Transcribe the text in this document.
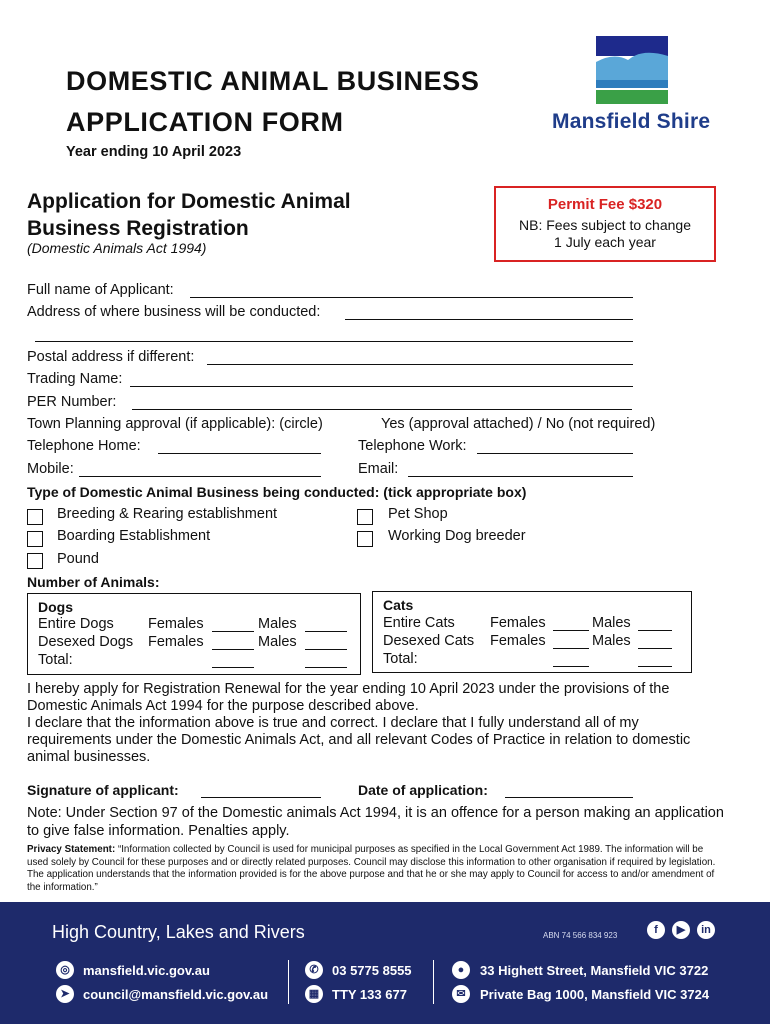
DOMESTIC ANIMAL BUSINESS
APPLICATION FORM
Year ending 10 April 2023
Mansfield Shire
Application for Domestic Animal Business Registration
(Domestic Animals Act 1994)
Permit Fee $320
NB: Fees subject to change
1 July each year
Full name of Applicant:
Address of where business will be conducted:
Postal address if different:
Trading Name:
PER Number:
Town Planning approval (if applicable): (circle)	Yes (approval attached) / No (not required)
Telephone Home:	Telephone Work:
Mobile:	Email:
Type of Domestic Animal Business being conducted: (tick appropriate box)
Breeding & Rearing establishment
Boarding Establishment
Pound
Pet Shop
Working Dog breeder
Number of Animals:
Dogs
Entire Dogs Females	Males
Desexed Dogs Females	Males
Total:
Cats
Entire Cats Females	Males
Desexed Cats Females	Males
Total:
I hereby apply for Registration Renewal for the year ending 10 April 2023 under the provisions of the Domestic Animals Act 1994 for the purpose described above.
I declare that the information above is true and correct. I declare that I fully understand all of my requirements under the Domestic Animals Act, and all relevant Codes of Practice in relation to domestic animal businesses.
Signature of applicant:	Date of application:
Note: Under Section 97 of the Domestic animals Act 1994, it is an offence for a person making an application to give false information. Penalties apply.
Privacy Statement: “Information collected by Council is used for municipal purposes as specified in the Local Government Act 1989. The information will be used solely by Council for these purposes and or directly related purposes. Council may disclose this information to other organisation if required by legislation. The application understands that the information provided is for the above purpose and that he or she may apply to Council for access to and/or amendment of the information.”
High Country, Lakes and Rivers	ABN 74 566 834 923	f	▶	in
◎	mansfield.vic.gov.au
➤	council@mansfield.vic.gov.au
✆	03 5775 8555
▦ TTY 133 677
●	33 Highett Street, Mansfield VIC 3722
✉	Private Bag 1000, Mansfield VIC 3724
